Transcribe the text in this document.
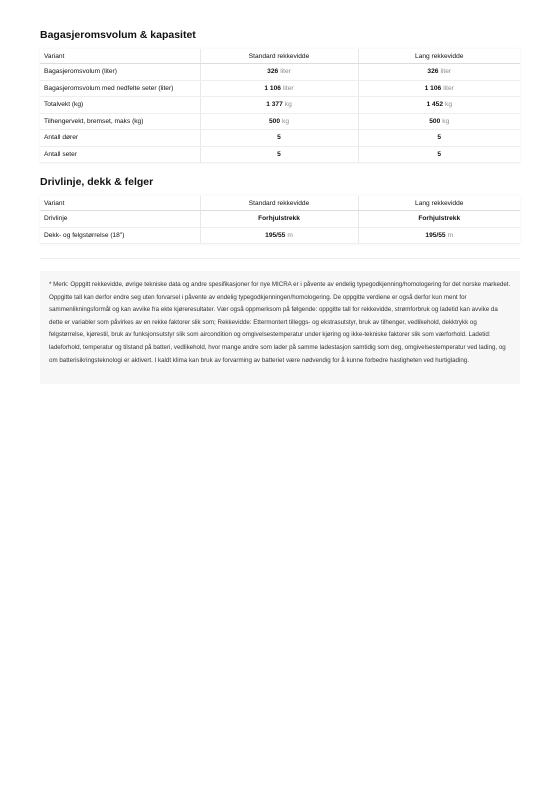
Bagasjeromsvolum & kapasitet
Variant	Standard rekkevidde	Lang rekkevidde
Bagasjeromsvolum (liter)	326 liter	326 liter
Bagasjeromsvolum med nedfelte seter (liter)	1 106 liter	1 106 liter
Totalvekt (kg)	1 377 kg	1 452 kg
Tilhengervekt, bremset, maks (kg)	500 kg	500 kg
Antall dører	5	5
Antall seter	5	5
Drivlinje, dekk & felger
Variant	Standard rekkevidde	Lang rekkevidde
Drivlinje	Forhjulstrekk	Forhjulstrekk
Dekk- og felgstørrelse (18")	195/55 m	195/55 m
* Merk: Oppgitt rekkevidde, øvrige tekniske data og andre spesifikasjoner for nye MICRA er i påvente av endelig typegodkjenning/homologering for det norske markedet. Oppgitte tall kan derfor endre seg uten forvarsel i påvente av endelig typegodkjenningen/homologering. De oppgitte verdiene er også derfor kun ment for sammenlikningsformål og kan avvike fra ekte kjøreresultater. Vær også oppmerksom på følgende: oppgitte tall for rekkevidde, strømforbruk og ladetid kan avvike da dette er variabler som påvirkes av en rekke faktorer slik som; Rekkevidde: Ettermontert tilleggs- og ekstrasutstyr, bruk av tilhenger, vedlikehold, dekktrykk og felgstørrelse, kjørestil, bruk av funksjonsutstyr slik som aircondition og omgivelsestemperatur under kjøring og ikke-tekniske faktorer slik som værforhold. Ladetid: ladeforhold, temperatur og tilstand på batteri, vedlikehold, hvor mange andre som lader på samme ladestasjon samtidig som deg, omgivelsestemperatur ved lading, og om batterisikringsteknologi er aktivert. I kaldt klima kan bruk av forvarming av batteriet være nødvendig for å kunne forbedre hastigheten ved hurtiglading.
